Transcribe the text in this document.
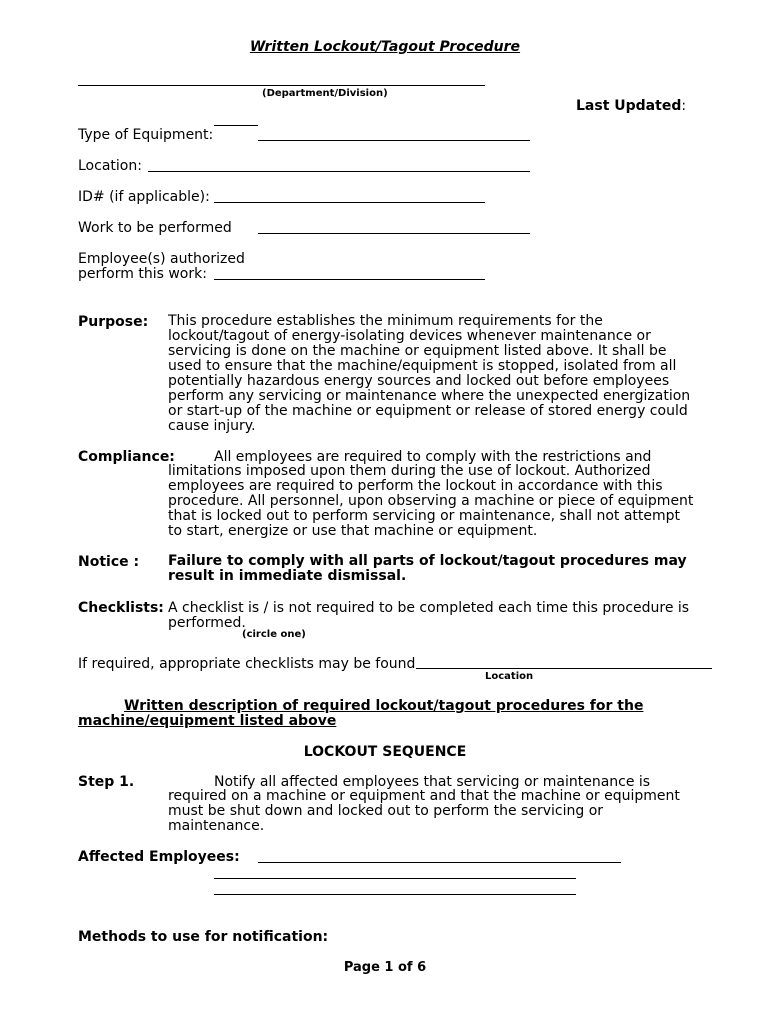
Written Lockout/Tagout Procedure
(Department/Division)
Last Updated:
Type of Equipment:
Location:
ID# (if applicable):
Work to be performed
Employee(s) authorized
perform this work:
Purpose: This procedure establishes the minimum requirements for the lockout/tagout of energy-isolating devices whenever maintenance or servicing is done on the machine or equipment listed above. It shall be used to ensure that the machine/equipment is stopped, isolated from all potentially hazardous energy sources and locked out before employees perform any servicing or maintenance where the unexpected energization or start-up of the machine or equipment or release of stored energy could cause injury.
Compliance:	All employees are required to comply with the restrictions and
limitations imposed upon them during the use of lockout. Authorized employees are required to perform the lockout in accordance with this procedure. All personnel, upon observing a machine or piece of equipment that is locked out to perform servicing or maintenance, shall not attempt to start, energize or use that machine or equipment.
Notice : Failure to comply with all parts of lockout/tagout procedures may result in immediate dismissal.
Checklists: A checklist is / is not required to be completed each time this procedure is
performed.
(circle one)
If required, appropriate checklists may be found
Location
Written description of required lockout/tagout procedures for the
machine/equipment listed above
LOCKOUT SEQUENCE
Step 1.	Notify all affected employees that servicing or maintenance is
required on a machine or equipment and that the machine or equipment must be shut down and locked out to perform the servicing or maintenance.
Affected Employees:
Methods to use for notification:
Page 1 of 6
